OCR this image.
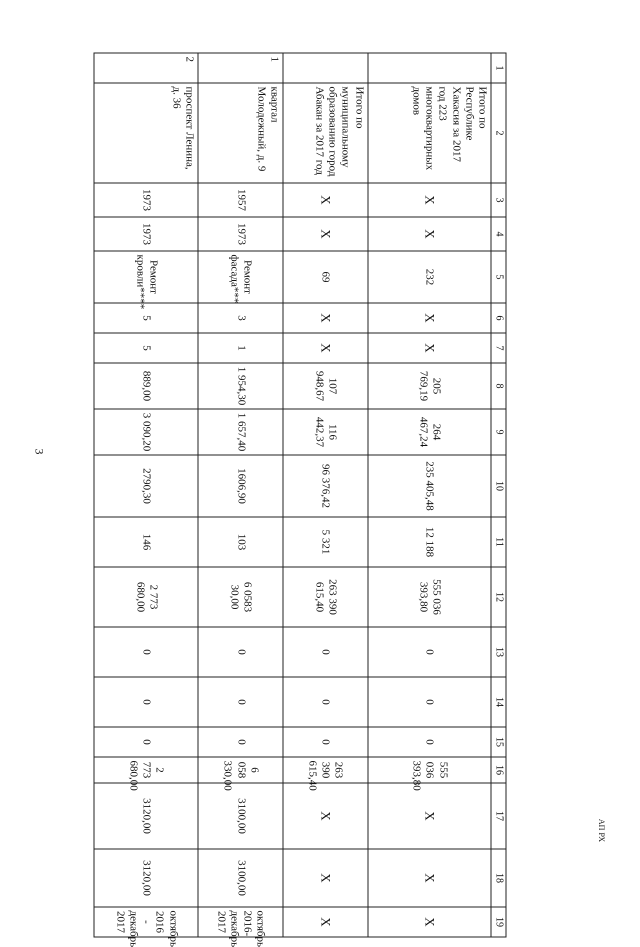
3
АП РХ
1	2	3	4	5	6	7	8	9	10	11	12	13	14	15	16	17	18	19
	Итого по Республике Хакасия за 2017 год 223 многоквартирных домов	X	X	232	X	X	205 769,19	264 467,24	235 405,48	12 188	555 036 393,80	0	0	0	555 036 393,80	X	X	X
	Итого по муниципальному образованию город Абакан за 2017 год	X	X	69	X	X	107 948,67	116 442,37	96 376,42	5 321	263 390 615,40	0	0	0	263 390 615,40	X	X	X
1	квартал Молодежный, д. 9	1957	1973	Ремонт фасада***	3	1	1 954,30	1 657,40	1606,90	103	6 0583 30,00	0	0	0	6 058 330,00	3100,00	3100,00	октябрь 2016-декабрь 2017
2	проспект Ленина, д. 36	1973	1973	Ремонт кровли****	5	5	889,00	3 090,20	2790,30	146	2 773 680,00	0	0	0	2 773 680,00	3120,00	3120,00	октябрь 2016 - декабрь 2017
